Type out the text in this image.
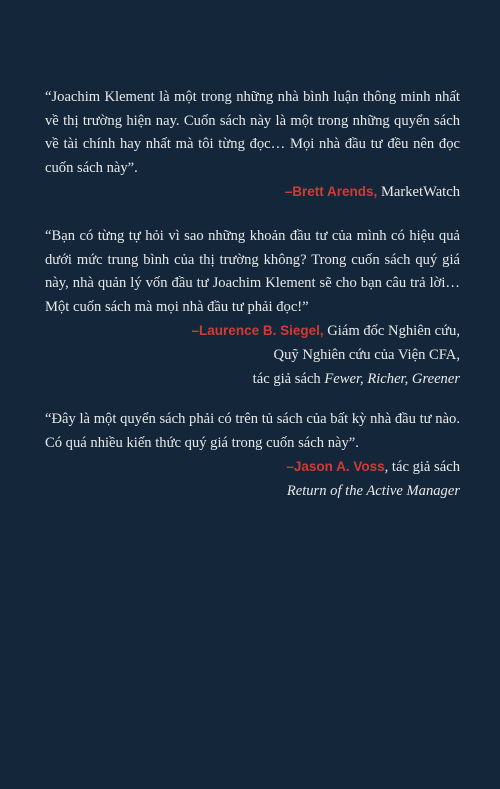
“Joachim Klement là một trong những nhà bình luận thông minh nhất về thị trường hiện nay. Cuốn sách này là một trong những quyển sách về tài chính hay nhất mà tôi từng đọc… Mọi nhà đầu tư đều nên đọc cuốn sách này”.

–Brett Arends, MarketWatch

“Bạn có từng tự hỏi vì sao những khoản đầu tư của mình có hiệu quả dưới mức trung bình của thị trường không? Trong cuốn sách quý giá này, nhà quản lý vốn đầu tư Joachim Klement sẽ cho bạn câu trả lời… Một cuốn sách mà mọi nhà đầu tư phải đọc!”

–Laurence B. Siegel, Giám đốc Nghiên cứu,
Quỹ Nghiên cứu của Viện CFA,
tác giả sách Fewer, Richer, Greener

“Đây là một quyển sách phải có trên tủ sách của bất kỳ nhà đầu tư nào. Có quá nhiều kiến thức quý giá trong cuốn sách này”.

–Jason A. Voss, tác giả sách
Return of the Active Manager
